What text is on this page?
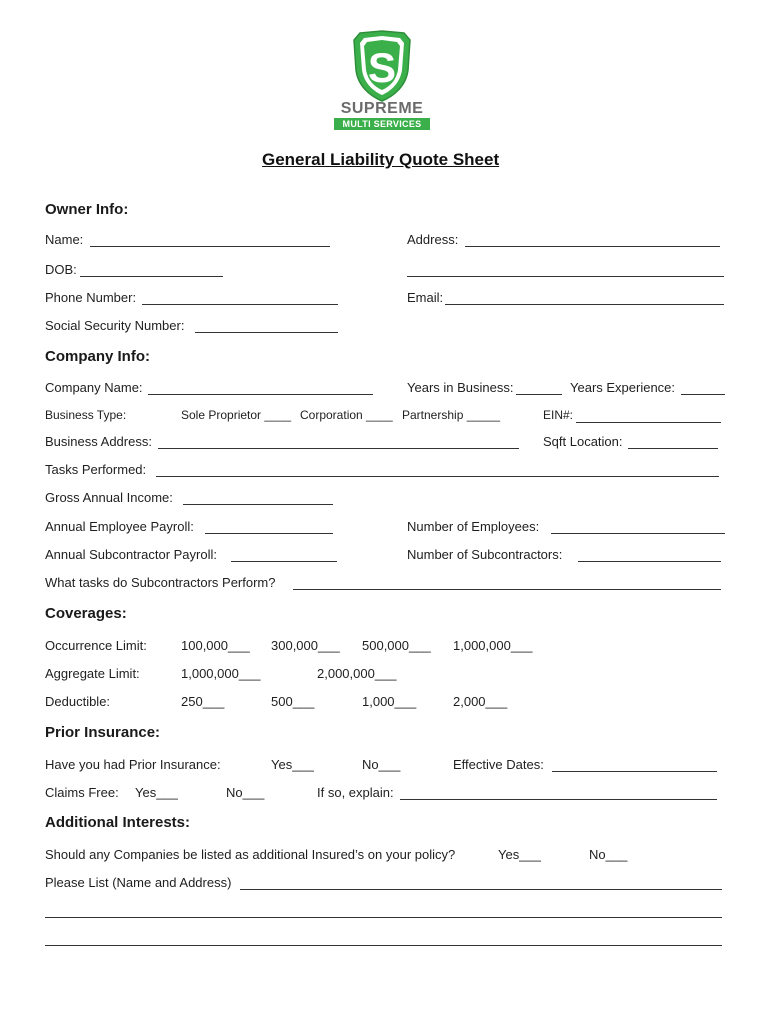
S
SUPREME
MULTI SERVICES
General Liability Quote Sheet
Owner Info:
Name:	Address:
DOB:
Phone Number:	Email:
Social Security Number:
Company Info:
Company Name:	Years in Business:	Years Experience:
Business Type:	Sole Proprietor ____ Corporation ____ Partnership _____	EIN#:
Business Address:	Sqft Location:
Tasks Performed:
Gross Annual Income:
Annual Employee Payroll:	Number of Employees:
Annual Subcontractor Payroll:	Number of Subcontractors:
What tasks do Subcontractors Perform?
Coverages:
Occurrence Limit:	100,000___ 300,000___ 500,000___ 1,000,000___
Aggregate Limit:	1,000,000___	2,000,000___
Deductible:	250___	500___	1,000___	2,000___
Prior Insurance:
Have you had Prior Insurance:	Yes___	No___	Effective Dates:
Claims Free: Yes___	No___	If so, explain:
Additional Interests:
Should any Companies be listed as additional Insured’s on your policy?	Yes___	No___
Please List (Name and Address)
